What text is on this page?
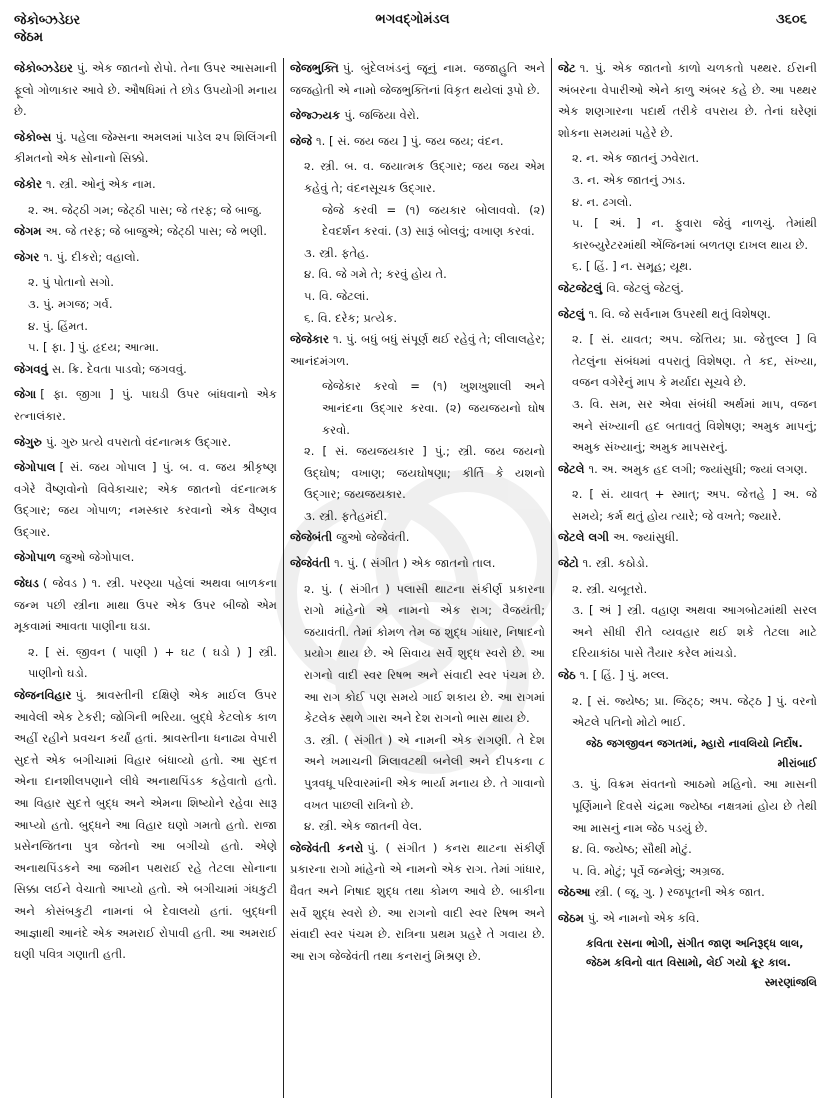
જેકોબ્ઝડેઇર
જેઠમ
ભગવદ્ગોમંડલ	૩૬૦૬
જેકોબ્ઝડેઇર પું. એક જાતનો રોપો. તેના ઉપર આસમાની ફૂલો ગોળાકાર આવે છે. ઔષધિમાં તે છોડ ઉપયોગી મનાય છે.
જેકોબ્સ પું. પહેલા જેમ્સના અમલમાં પાડેલ ૨૫ શિલિંગની કીમતનો એક સોનાનો સિક્કો.
જેકોર ૧. સ્ત્રી. ઓનું એક નામ.
૨. અ. જેટ્ઠી ગમ; જેટ્ઠી પાસ; જે તરફ; જે બાજુ.
જેગમ અ. જે તરફ; જે બાજુએ; જેટ્ઠી પાસ; જે ભણી.
જેગર ૧. પું. દીકરો; વહાલો.
૨. પું પોતાનો સગો.
૩. પું. મગજ; ગર્વ.
૪. પું. હિંમત.
૫. [ ફા. ] પું. હૃદય; આત્મા.
જેગવવું સ. ક્રિ. દેવતા પાડવો; જગવવું.
જેગા [ ફા. જીગા ] પું. પાઘડી ઉપર બાંધવાનો એક રત્નાલંકાર.
જેગુરુ પું. ગુરુ પ્રત્યે વપરાતો વંદનાત્મક ઉદ્ગાર.
જેગોપાલ [ સં. જય ગોપાલ ] પું. બ. વ. જય શ્રીકૃષ્ણ વગેરે વૈષ્ણવોનો વિવેકાચાર; એક જાતનો વંદનાત્મક ઉદ્ગાર; જય ગોપાળ; નમસ્કાર કરવાનો એક વૈષ્ણવ ઉદ્ગાર.
જેગોપાળ જુઓ જેગોપાલ.
જેઘડ ( જેવડ ) ૧. સ્ત્રી. પરણ્યા પહેલાં અથવા બાળકના જન્મ પછી સ્ત્રીના માથા ઉપર એક ઉપર બીજો એમ મૂકવામાં આવતા પાણીના ઘડા.
૨. [ સં. જીવન ( પાણી ) + ઘટ ( ઘડો ) ] સ્ત્રી. પાણીનો ઘડો.
જેજનવિહાર પું. શ્રાવસ્તીની દક્ષિણે એક માઈલ ઉપર આવેલી એક ટેકરી; જોગિની ભરિયા. બુદ્ધે કેટલોક કાળ અહીં રહીને પ્રવચન કર્યાં હતાં. શ્રાવસ્તીના ધનાઢ્ય વેપારી સુદત્તે એક બગીચામાં વિહાર બંધાવ્યો હતો. આ સુદત્ત એના દાનશીલપણાને લીધે અનાથપિંડક કહેવાતો હતો. આ વિહાર સુદત્તે બુદ્ધ અને એમના શિષ્યોને રહેવા સારૂ આપ્યો હતો. બુદ્ધને આ વિહાર ઘણો ગમતો હતો. રાજા પ્રસેનજિતના પુત્ર જેતનો આ બગીચો હતો. એણે અનાથપિંડકને આ જમીન પથરાઈ રહે તેટલા સોનાના સિક્કા લઈને વેચાતો આપ્યો હતો. એ બગીચામાં ગંધકુટી અને કોસંબકુટી નામનાં બે દેવાલયો હતાં. બુદ્ધની આજ્ઞાથી આનંદે એક અમરાઈ રોપાવી હતી. આ અમરાઈ ઘણી પવિત્ર ગણાતી હતી.
જેજભુક્તિ પું. બુંદેલખંડનું જૂનું નામ. જજાહુતિ અને જજહોતી એ નામો જેજભુક્તિનાં વિકૃત થયેલાં રૂપો છે.
જેજ્ઝ્યક પું. જજિયા વેરો.
જેજે ૧. [ સં. જય જય ] પું. જય જય; વંદન.
૨. સ્ત્રી. બ. વ. જયાત્મક ઉદ્ગાર; જય જય એમ કહેવું તે; વંદનસૂચક ઉદ્ગાર.
જેજે કરવી = (૧) જયકાર બોલાવવો. (૨) દેવદર્શન કરવાં. (૩) સારૂં બોલવું; વખાણ કરવાં.
૩. સ્ત્રી. ફતેહ.
૪. વિ. જે ગમે તે; કરવું હોય તે.
૫. વિ. જેટલાં.
૬. વિ. દરેક; પ્રત્યેક.
જેજેકાર ૧. પું. બધું બધું સંપૂર્ણ થઈ રહેવું તે; લીલાલહેર; આનંદમંગળ.
જેજેકાર કરવો = (૧) ખુશખુશાલી અને આનંદના ઉદ્ગાર કરવા. (૨) જયજયનો ઘોષ કરવો.
૨. [ સં. જયજયકાર ] પું.; સ્ત્રી. જય જયનો ઉદ્ઘોષ; વખાણ; જયઘોષણા; કીર્તિ કે યશનો ઉદ્ગાર; જયજયકાર.
૩. સ્ત્રી. ફતેહમંદી.
જેજેબંતી જુઓ જેજેવંતી.
જેજેવંતી ૧. પું. ( સંગીત ) એક જાતનો તાલ.
૨. પું. ( સંગીત ) પલાસી થાટના સંકીર્ણ પ્રકારના રાગો માંહેનો એ નામનો એક રાગ; વૈજયંતી; જયાવંતી. તેમાં કોમળ તેમ જ શુદ્ધ ગાંધાર, નિષાદનો પ્રયોગ થાય છે. એ સિવાય સર્વે શુદ્ધ સ્વરો છે. આ રાગનો વાદી સ્વર રિષભ અને સંવાદી સ્વર પંચમ છે. આ રાગ કોઈ પણ સમયે ગાઈ શકાય છે. આ રાગમાં કેટલેક સ્થળે ગારા અને દેશ રાગનો ભાસ થાય છે.
૩. સ્ત્રી. ( સંગીત ) એ નામની એક રાગણી. તે દેશ અને ખમાચની મિલાવટથી બનેલી અને દીપકના ૮ પુત્રવધૂ પરિવારમાંની એક ભાર્યા મનાય છે. તે ગાવાનો વખત પાછલી રાત્રિનો છે.
૪. સ્ત્રી. એક જાતની વેલ.
જેજેવંતી કનરો પું. ( સંગીત ) કનરા થાટના સંકીર્ણ પ્રકારના રાગો માંહેનો એ નામનો એક રાગ. તેમાં ગાંધાર, ધૈવત અને નિષાદ શુદ્ધ તથા કોમળ આવે છે. બાકીના સર્વે શુદ્ધ સ્વરો છે. આ રાગનો વાદી સ્વર રિષભ અને સંવાદી સ્વર પંચમ છે. રાત્રિના પ્રથમ પ્રહરે તે ગવાય છે. આ રાગ જેજેવંતી તથા કનરાનું મિશ્રણ છે.
જેટ ૧. પું. એક જાતનો કાળો ચળકતો પથ્થર. ઈરાની અંબરના વેપારીઓ એને કાળુ અંબર કહે છે. આ પથ્થર એક શણગારના પદાર્થ તરીકે વપરાય છે. તેનાં ઘરેણાં શોકના સમયમાં પહેરે છે.
૨. ન. એક જાતનું ઝવેરાત.
૩. ન. એક જાતનું ઝાડ.
૪. ન. ઢગલો.
૫. [ અં. ] ન. ફુવારા જેવું નાળચું. તેમાંથી કારબ્યુરેટરમાંથી એંજિનમાં બળતણ દાખલ થાય છે.
૬. [ હિં. ] ન. સમૂહ; યૂથ.
જેટજેટલું વિ. જેટલું જેટલું.
જેટલું ૧. વિ. જે સર્વનામ ઉપરથી થતું વિશેષણ.
૨. [ સં. યાવત; અપ. જેત્તિય; પ્રા. જેત્તુલ્લ ] વિ તેટલુંના સંબંધમાં વપરાતું વિશેષણ. તે કદ, સંખ્યા, વજન વગેરેનું માપ કે મર્યાદા સૂચવે છે.
૩. વિ. સમ, સર એવા સંબંધી અર્થમાં માપ, વજન અને સંખ્યાની હદ બતાવતું વિશેષણ; અમુક માપનું; અમુક સંખ્યાનું; અમુક માપસરનું.
જેટલે ૧. અ. અમુક હદ લગી; જ્યાંસુધી; જ્યાં લગણ.
૨. [ સં. યાવત્ + સ્માત્; અપ. જેત્તહે ] અ. જે સમયે; કર્મ થતું હોય ત્યારે; જે વખતે; જ્યારે.
જેટલે લગી અ. જ્યાંસુધી.
જેટો ૧. સ્ત્રી. કઠોડો.
૨. સ્ત્રી. ચબૂતરો.
૩. [ અં ] સ્ત્રી. વહાણ અથવા આગબોટમાંથી સરલ અને સીધી રીતે વ્યવહાર થઈ શકે તેટલા માટે દરિયાકાંઠા પાસે તૈયાર કરેલ માંચડો.
જેઠ ૧. [ હિં. ] પું. મલ્લ.
૨. [ સં. જ્યેષ્ઠ; પ્રા. જિટ્ઠ; અપ. જેટ્ઠ ] પું. વરનો એટલે પતિનો મોટો ભાઈ.
જેઠ જગજીવન જગતમાં, મ્હારો નાવલિયો નિર્દોષ.
મીરાંબાઈ
૩. પું. વિક્રમ સંવતનો આઠમો મહિનો. આ માસની પૂર્ણિમાને દિવસે ચંદ્રમા જ્યેષ્ઠા નક્ષત્રમાં હોય છે તેથી આ માસનું નામ જેઠ પડયું છે.
૪. વિ. જ્યેષ્ઠ; સૌથી મોટું.
૫. વિ. મોટું; પૂર્વે જન્મેલું; અગ્રજ.
જેઠઆ સ્ત્રી. ( જૂ. ગુ. ) રજપૂતની એક જાત.
જેઠમ પું. એ નામનો એક કવિ.
કવિતા રસના ભોગી, સંગીત જાણ અનિરૂદ્ધ લાલ,
જેઠમ કવિનો વાત વિસામો, લેઈ ગયો ક્રૂર કાલ.
સ્મરણાંજલિ
